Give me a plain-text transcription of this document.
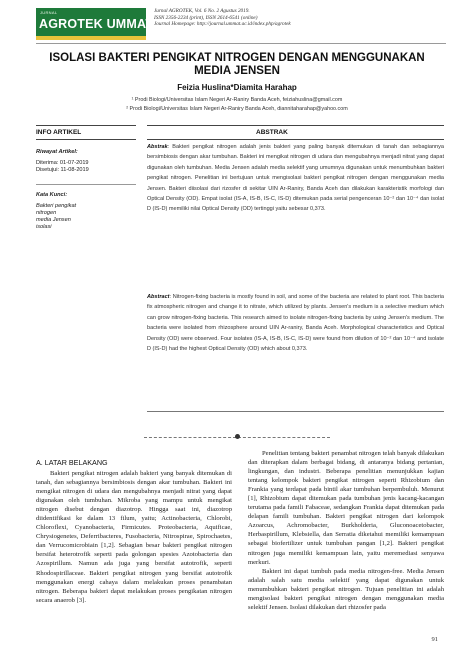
JURNAL
AGROTEK UMMAT
Jurnal AGROTEK, Vol. 6 No. 2 Agustus 2019.
ISSN 2356-2234 (print), ISSN 2614-6541 (online)
Journal Homepage: http://journal.ummat.ac.id/index.php/agrotek
ISOLASI BAKTERI PENGIKAT NITROGEN DENGAN MENGGUNAKAN MEDIA JENSEN
Feizia Huslina*Diamita Harahap
¹ Prodi Biologi/Universitas Islam Negeri Ar-Raniry Banda Aceh, feiziahuslina@gmail.com
² Prodi Biologi/Universitas Islam Negeri Ar-Raniry Banda Aceh, diannitaharahap@yahoo.com
INFO ARTIKEL	ABSTRAK
Riwayat Artikel:
Diterima: 01-07-2019
Disetujui: 11-08-2019
Kata Kunci:
Bakteri pengikat
nitrogen
media Jensen
isolasi
Abstrak: Bakteri pengikat nitrogen adalah jenis bakteri yang paling banyak ditemukan di tanah dan sebagiannya bersimbiosis dengan akar tumbuhan. Bakteri ini mengikat nitrogen di udara dan mengubahnya menjadi nitrat yang dapat digunakan oleh tumbuhan. Media Jensen adalah media selektif yang umumnya digunakan untuk menumbuhkan bakteri pengikat nitrogen. Penelitian ini bertujuan untuk mengisolasi bakteri pengikat nitrogen dengan menggunakan media Jensen. Bakteri diisolasi dari rizosfer di sekitar UIN Ar-Raniry, Banda Aceh dan dilakukan karakteristik morfologi dan Optical Density (OD). Empat isolat (IS-A, IS-B, IS-C, IS-D) ditemukan pada serial pengenceran 10⁻² dan 10⁻⁴ dan isolat D (IS-D) memiliki nilai Optical Density (OD) tertinggi yaitu sebesar 0,373.
Abstract: Nitrogen-fixing bacteria is mostly found in soil, and some of the bacteria are related to plant root. This bacteria fix atmospheric nitrogen and change it to nitrate, which utilized by plants. Jensen's medium is a selective medium which can grow nitrogen-fixing bacteria. This research aimed to isolate nitrogen-fixing bacteria by using Jensen's medium. The bacteria were isolated from rhizosphere around UIN Ar-raniry, Banda Aceh. Morphological characteristics and Optical Density (OD) were observed. Four isolates (IS-A, IS-B, IS-C, IS-D) were found from dilution of 10⁻² dan 10⁻⁴ and isolate D (IS-D) had the highest Optical Density (OD) which about 0,373.
A. LATAR BELAKANG

Bakteri pengikat nitrogen adalah bakteri yang banyak ditemukan di tanah, dan sebagiannya bersimbiosis dengan akar tumbuhan. Bakteri ini mengikat nitrogen di udara dan mengubahnya menjadi nitrat yang dapat digunakan oleh tumbuhan. Mikroba yang mampu untuk mengikat nitrogen disebut dengan diazotrop. Hingga saat ini, diazotrop diidentifikasi ke dalam 13 filum, yaitu; Actinobacteria, Chlorobi, Chloroflexi, Cyanobacteria, Firmicutes. Proteobacteria, Aquificae, Chrysiogenetes, Deferribacteres, Fusobacteria, Nitrospirae, Spirochaetes, dan Verrucomicrobiain [1,2]. Sebagian besar bakteri pengikat nitrogen bersifat heterotrofik seperti pada golongan spesies Azotobacteria dan Azospirillum. Namun ada juga yang bersifat autotrofik, seperti Rhodospirillaceae. Bakteri pengikat nitrogen yang bersifat autotrofik menggunakan energi cahaya dalam melakukan proses penambatan nitrogen. Beberapa bakteri dapat melakukan proses pengikatan nitrogen secara anaerob [3].

Penelitian tentang bakteri penambat nitrogen telah banyak dilakukan dan diterapkan dalam berbagai bidang, di antaranya bidang pertanian, lingkungan, dan industri. Beberapa penelitian menunjukkan kajian tentang kelompok bakteri pengikat nitrogen seperti Rhizobium dan Frankia yang terdapat pada bintil akar tumbuhan berpembuluh. Menurut [1], Rhizobium dapat ditemukan pada tumbuhan jenis kacang-kacangan terutama pada famili Fabaceae, sedangkan Frankia dapat ditemukan pada delapan famili tumbuhan. Bakteri pengikat nitrogen dari kelompok Azoarcus, Achromobacter, Burkholderia, Gluconoacetobacter, Herbaspirillum, Klebsiella, dan Serratia diketahui memiliki kemampuan sebagai biofertilizer untuk tumbuhan pangan [1,2]. Bakteri pengikat nitrogen juga memiliki kemampuan lain, yaitu meremediasi senyawa merkuri.

Bakteri ini dapat tumbuh pada media nitrogen-free. Media Jensen adalah salah satu media selektif yang dapat digunakan untuk menumbuhkan bakteri pengikat nitrogen. Tujuan penelitian ini adalah mengisolasi bakteri pengikat nitrogen dengan menggunakan media selektif Jensen. Isolasi dilakukan dari rhizosfer pada

91
